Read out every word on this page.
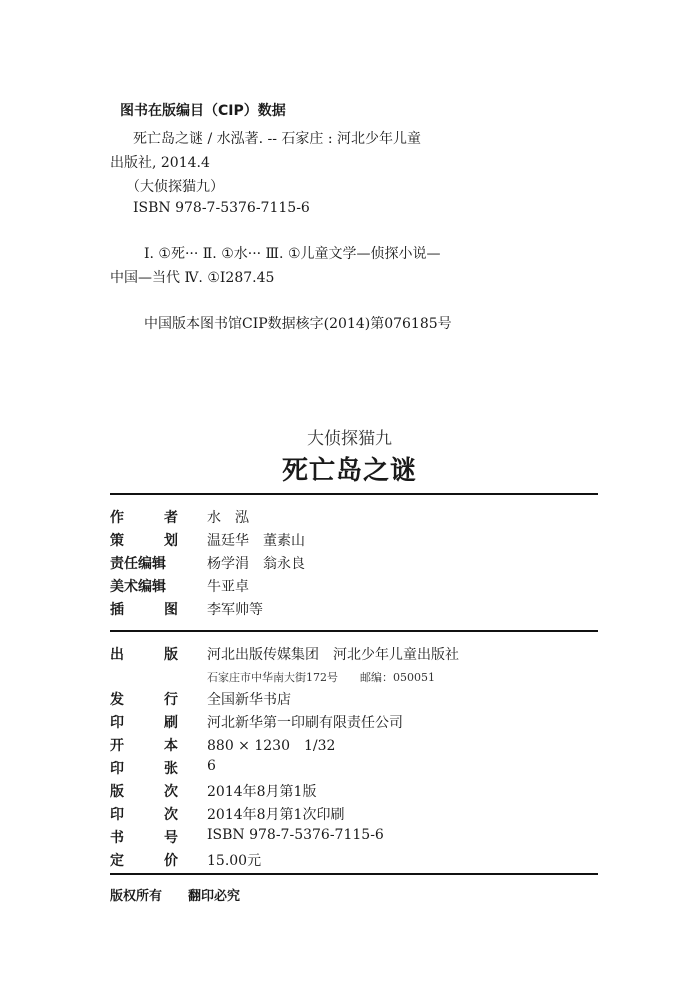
图书在版编目（CIP）数据
死亡岛之谜 / 水泓著. -- 石家庄 : 河北少年儿童
出版社, 2014.4
（大侦探猫九）
ISBN 978-7-5376-7115-6
Ⅰ. ①死··· Ⅱ. ①水··· Ⅲ. ①儿童文学—侦探小说—
中国—当代 Ⅳ. ①I287.45
中国版本图书馆CIP数据核字(2014)第076185号
大侦探猫九
死亡岛之谜
作	者 水　泓
策	划 温廷华　董素山
责任编辑	杨学涓　翁永良
美术编辑	牛亚卓
插	图 李军帅等
出	版 河北出版传媒集团　河北少年儿童出版社
发	行 全国新华书店
印	刷 河北新华第一印刷有限责任公司
开	本 880 × 1230　1/32
印	张 6
版	次 2014年8月第1版
印	次 2014年8月第1次印刷
书	号 ISBN 978-7-5376-7115-6
定	价 15.00元
石家庄市中华南大街172号　　邮编：050051
版权所有　　翻印必究
